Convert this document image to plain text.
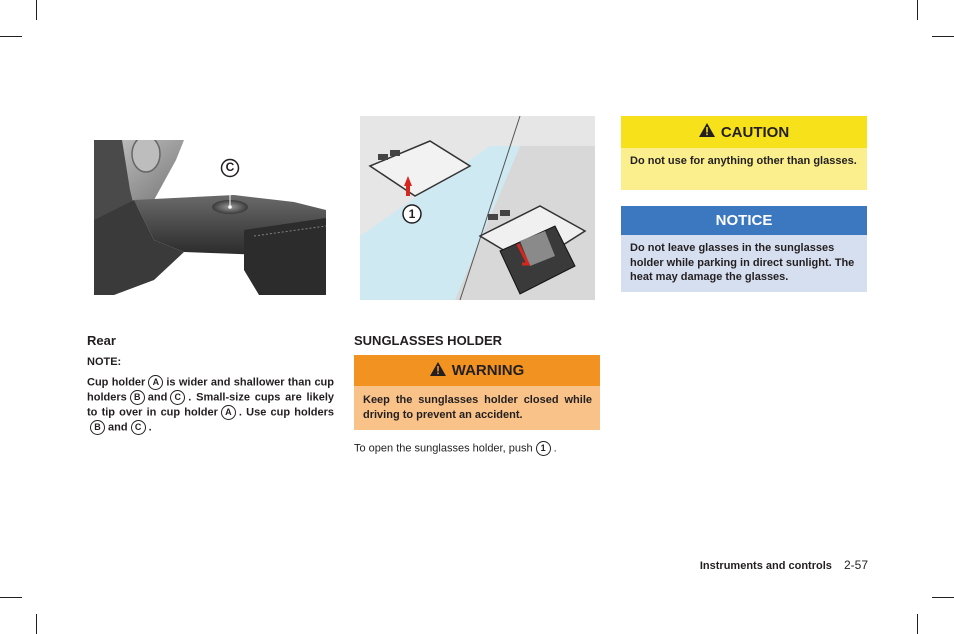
C
1
Rear
NOTE:
Cup holder A is wider and shallower than cup holders B and C . Small-size cups are likely to tip over in cup holder A . Use cup holdersB and C .
SUNGLASSES HOLDER
WARNING
Keep the sunglasses holder closed while driving to prevent an accident.
To open the sunglasses holder, push 1 .
CAUTION
Do not use for anything other than glasses.
NOTICE
Do not leave glasses in the sunglasses holder while parking in direct sunlight. The heat may damage the glasses.
Instruments and controls 2-57
